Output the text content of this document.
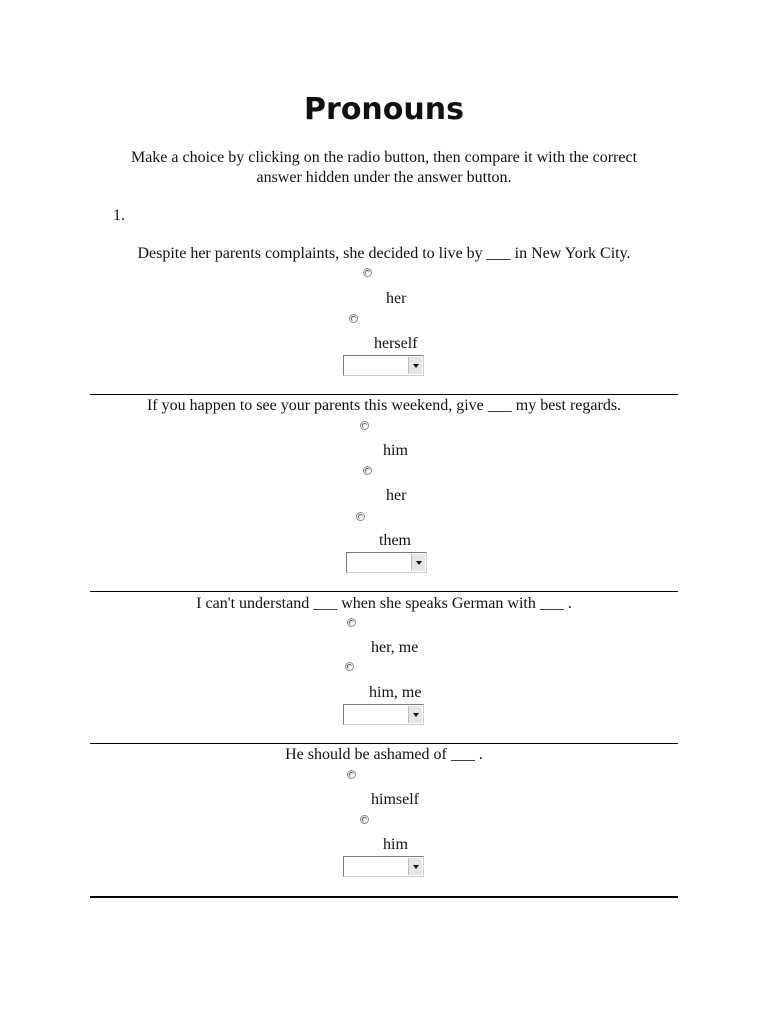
Pronouns
Make a choice by clicking on the radio button, then compare it with the correct answer hidden under the answer button.
1.
Despite her parents complaints, she decided to live by ___ in New York City.
her
herself
If you happen to see your parents this weekend, give ___ my best regards.
him
her
them
I can't understand ___ when she speaks German with ___ .
her, me
him, me
He should be ashamed of ___ .
himself
him
